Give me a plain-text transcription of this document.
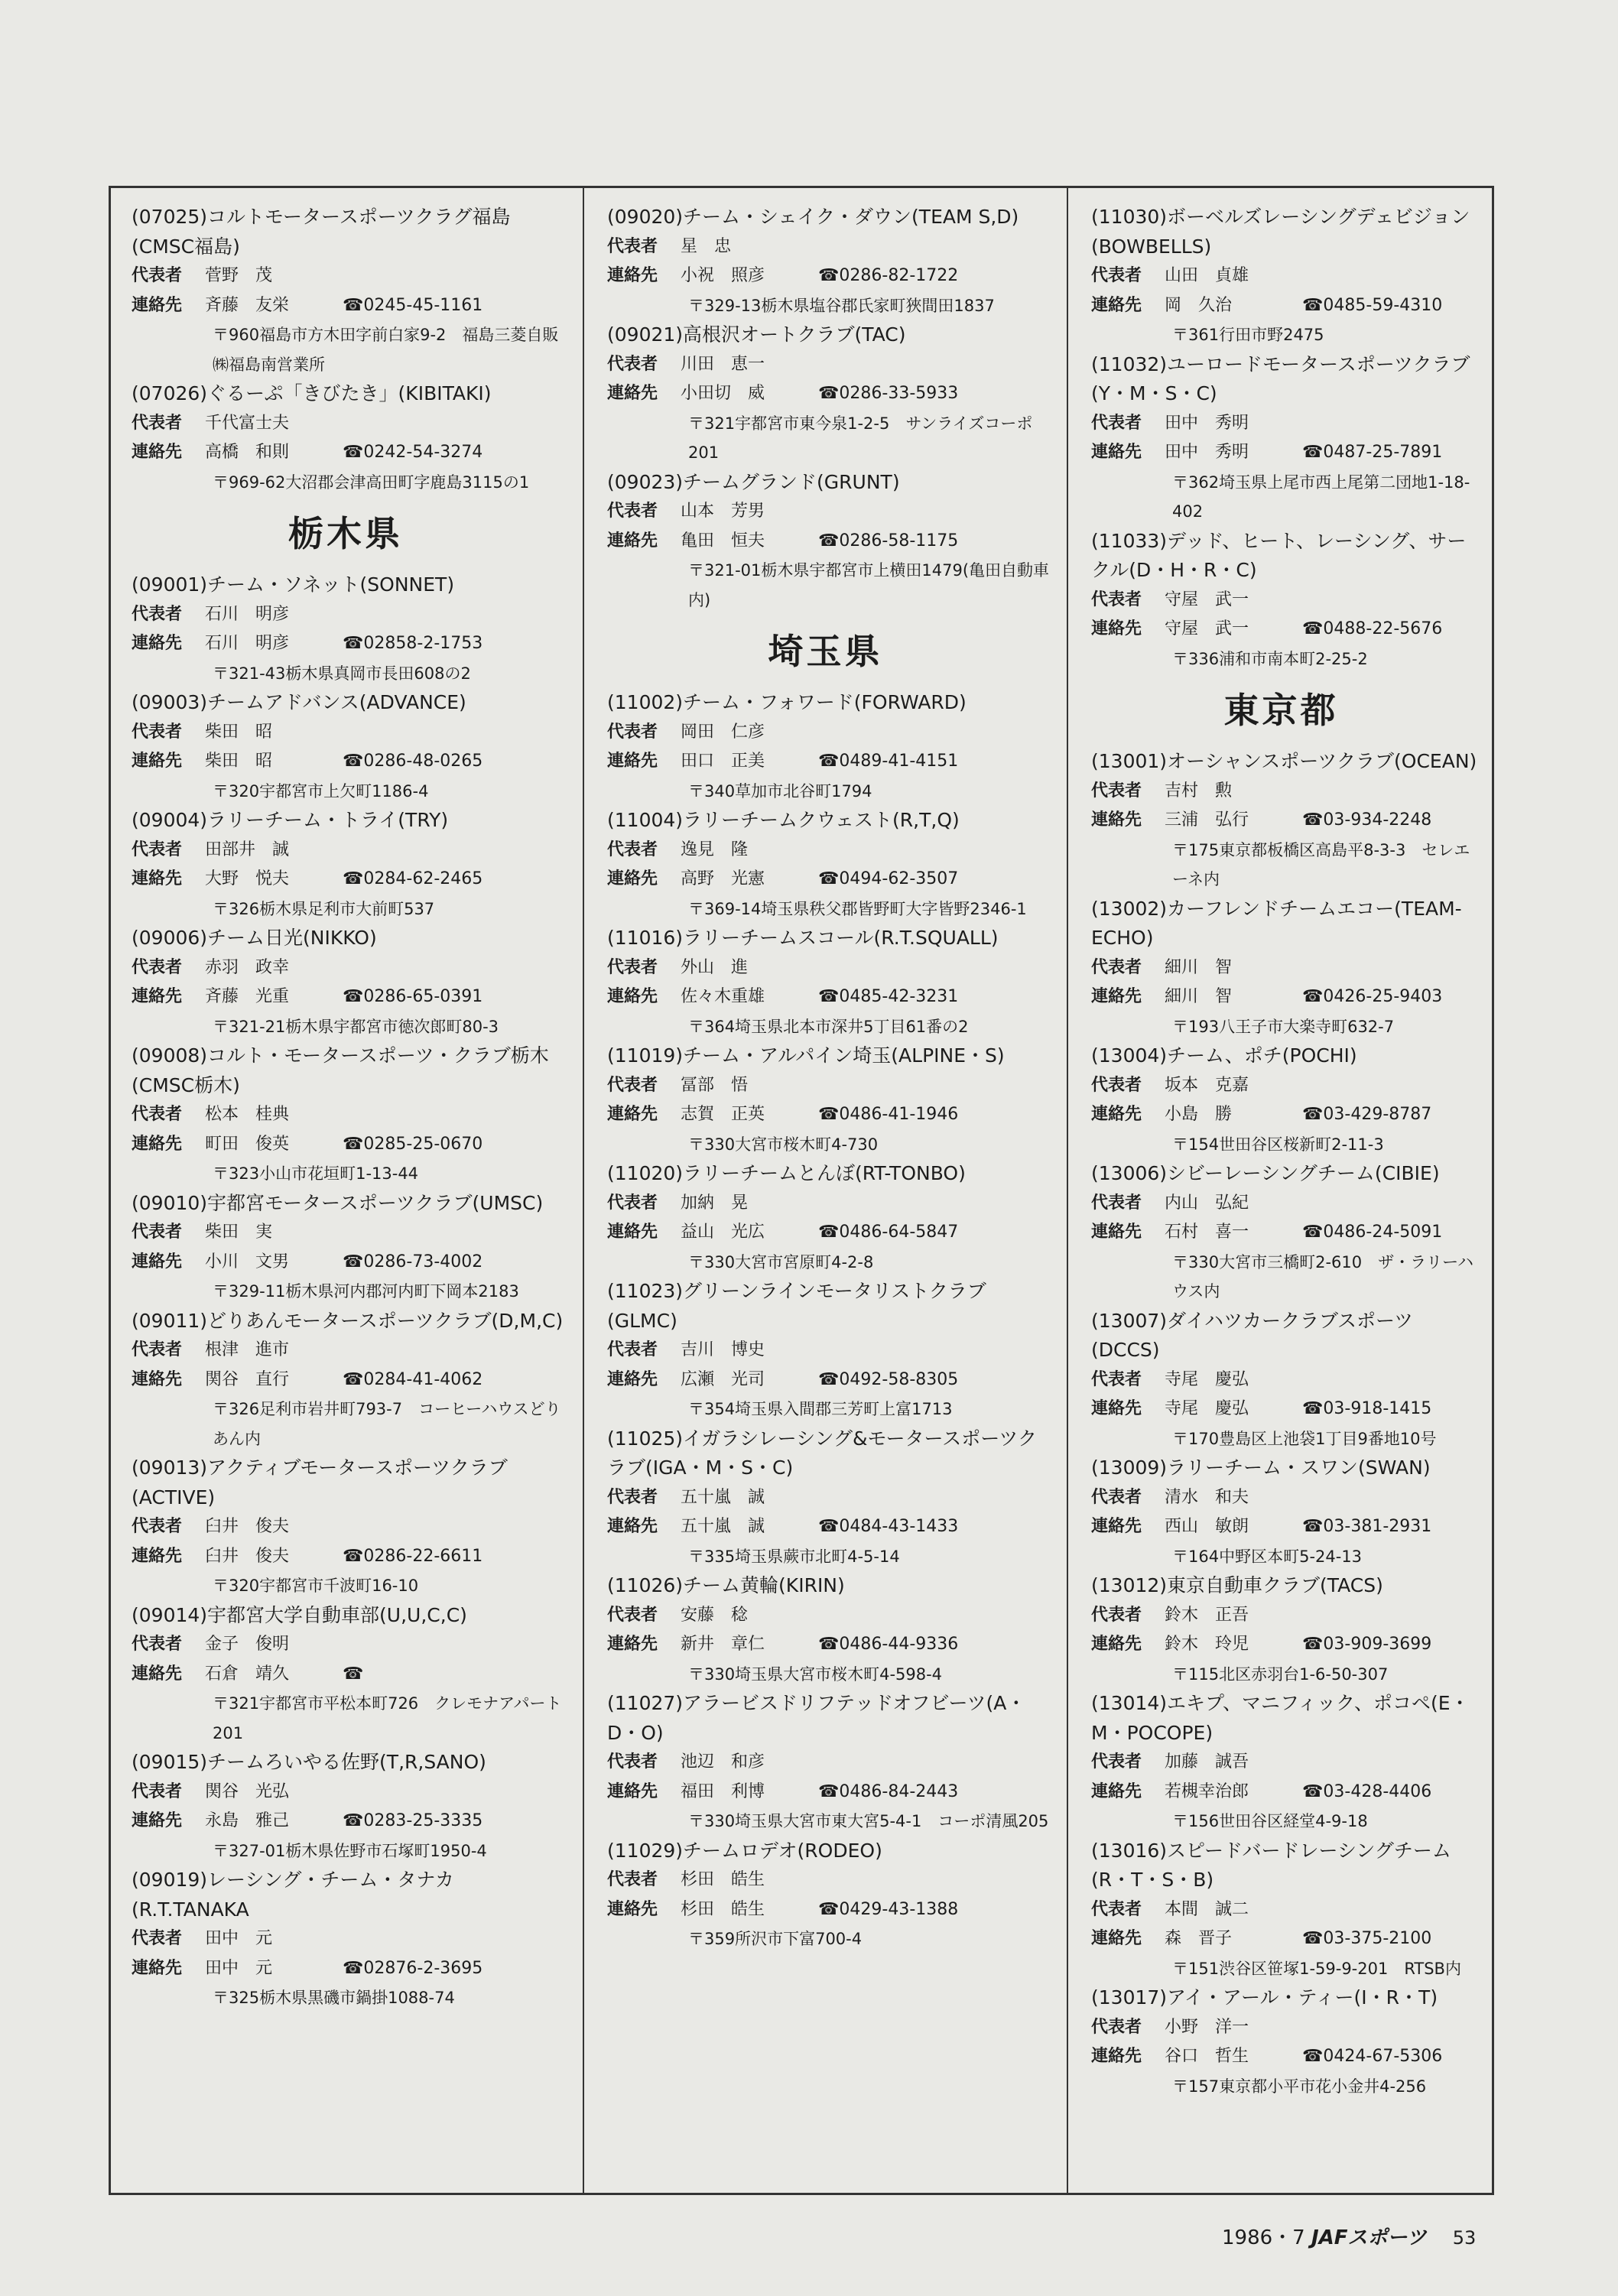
(07025)コルトモータースポーツクラグ福島(CMSC福島)
代表者	菅野　茂
連絡先	斉藤　友栄	☎0245-45-1161
〒960福島市方木田字前白家9-2　福島三菱自販㈱福島南営業所
(07026)ぐるーぷ「きびたき」(KIBITAKI)
代表者	千代富士夫
連絡先	高橋　和則	☎0242-54-3274
〒969-62大沼郡会津高田町字鹿島3115の1
栃木県
(09001)チーム・ソネット(SONNET)
代表者	石川　明彦
連絡先	石川　明彦	☎02858-2-1753
〒321-43栃木県真岡市長田608の2
(09003)チームアドバンス(ADVANCE)
代表者	柴田　昭
連絡先	柴田　昭	☎0286-48-0265
〒320宇都宮市上欠町1186-4
(09004)ラリーチーム・トライ(TRY)
代表者	田部井　誠
連絡先	大野　悦夫	☎0284-62-2465
〒326栃木県足利市大前町537
(09006)チーム日光(NIKKO)
代表者	赤羽　政幸
連絡先	斉藤　光重	☎0286-65-0391
〒321-21栃木県宇都宮市徳次郎町80-3
(09008)コルト・モータースポーツ・クラブ栃木(CMSC栃木)
代表者	松本　桂典
連絡先	町田　俊英	☎0285-25-0670
〒323小山市花垣町1-13-44
(09010)宇都宮モータースポーツクラブ(UMSC)
代表者	柴田　実
連絡先	小川　文男	☎0286-73-4002
〒329-11栃木県河内郡河内町下岡本2183
(09011)どりあんモータースポーツクラブ(D,M,C)
代表者	根津　進市
連絡先	関谷　直行	☎0284-41-4062
〒326足利市岩井町793-7　コーヒーハウスどりあん内
(09013)アクティブモータースポーツクラブ(ACTIVE)
代表者	臼井　俊夫
連絡先	臼井　俊夫	☎0286-22-6611
〒320宇都宮市千波町16-10
(09014)宇都宮大学自動車部(U,U,C,C)
代表者	金子　俊明
連絡先	石倉　靖久	☎
〒321宇都宮市平松本町726　クレモナアパート201
(09015)チームろいやる佐野(T,R,SANO)
代表者	関谷　光弘
連絡先	永島　雅己	☎0283-25-3335
〒327-01栃木県佐野市石塚町1950-4
(09019)レーシング・チーム・タナカ(R.T.TANAKA
代表者	田中　元
連絡先	田中　元	☎02876-2-3695
〒325栃木県黒磯市鍋掛1088-74
(09020)チーム・シェイク・ダウン(TEAM S,D)
代表者	星　忠
連絡先	小祝　照彦	☎0286-82-1722
〒329-13栃木県塩谷郡氏家町狹間田1837
(09021)高根沢オートクラブ(TAC)
代表者	川田　恵一
連絡先	小田切　威	☎0286-33-5933
〒321宇都宮市東今泉1-2-5　サンライズコーポ201
(09023)チームグランド(GRUNT)
代表者	山本　芳男
連絡先	亀田　恒夫	☎0286-58-1175
〒321-01栃木県宇都宮市上横田1479(亀田自動車内)
埼玉県
(11002)チーム・フォワード(FORWARD)
代表者	岡田　仁彦
連絡先	田口　正美	☎0489-41-4151
〒340草加市北谷町1794
(11004)ラリーチームクウェスト(R,T,Q)
代表者	逸見　隆
連絡先	高野　光憲	☎0494-62-3507
〒369-14埼玉県秩父郡皆野町大字皆野2346-1
(11016)ラリーチームスコール(R.T.SQUALL)
代表者	外山　進
連絡先	佐々木重雄	☎0485-42-3231
〒364埼玉県北本市深井5丁目61番の2
(11019)チーム・アルパイン埼玉(ALPINE・S)
代表者	冨部　悟
連絡先	志賀　正英	☎0486-41-1946
〒330大宮市桜木町4-730
(11020)ラリーチームとんぼ(RT-TONBO)
代表者	加納　晃
連絡先	益山　光広	☎0486-64-5847
〒330大宮市宮原町4-2-8
(11023)グリーンラインモータリストクラブ(GLMC)
代表者	吉川　博史
連絡先	広瀬　光司	☎0492-58-8305
〒354埼玉県入間郡三芳町上富1713
(11025)イガラシレーシング&モータースポーツクラブ(IGA・M・S・C)
代表者	五十嵐　誠
連絡先	五十嵐　誠	☎0484-43-1433
〒335埼玉県蕨市北町4-5-14
(11026)チーム黄輪(KIRIN)
代表者	安藤　稔
連絡先	新井　章仁	☎0486-44-9336
〒330埼玉県大宮市桜木町4-598-4
(11027)アラービスドリフテッドオフビーツ(A・D・O)
代表者	池辺　和彦
連絡先	福田　利博	☎0486-84-2443
〒330埼玉県大宮市東大宮5-4-1　コーポ清風205
(11029)チームロデオ(RODEO)
代表者	杉田　皓生
連絡先	杉田　皓生	☎0429-43-1388
〒359所沢市下富700-4
(11030)ボーベルズレーシングデェビジョン(BOWBELLS)
代表者	山田　貞雄
連絡先	岡　久治	☎0485-59-4310
〒361行田市野2475
(11032)ユーロードモータースポーツクラブ(Y・M・S・C)
代表者	田中　秀明
連絡先	田中　秀明	☎0487-25-7891
〒362埼玉県上尾市西上尾第二団地1-18-402
(11033)デッド、ヒート、レーシング、サークル(D・H・R・C)
代表者	守屋　武一
連絡先	守屋　武一	☎0488-22-5676
〒336浦和市南本町2-25-2
東京都
(13001)オーシャンスポーツクラブ(OCEAN)
代表者	吉村　勲
連絡先	三浦　弘行	☎03-934-2248
〒175東京都板橋区高島平8-3-3　セレエーネ内
(13002)カーフレンドチームエコー(TEAM-ECHO)
代表者	細川　智
連絡先	細川　智	☎0426-25-9403
〒193八王子市大楽寺町632-7
(13004)チーム、ポチ(POCHI)
代表者	坂本　克嘉
連絡先	小島　勝	☎03-429-8787
〒154世田谷区桜新町2-11-3
(13006)シビーレーシングチーム(CIBIE)
代表者	内山　弘紀
連絡先	石村　喜一	☎0486-24-5091
〒330大宮市三橋町2-610　ザ・ラリーハウス内
(13007)ダイハツカークラブスポーツ(DCCS)
代表者	寺尾　慶弘
連絡先	寺尾　慶弘	☎03-918-1415
〒170豊島区上池袋1丁目9番地10号
(13009)ラリーチーム・スワン(SWAN)
代表者	清水　和夫
連絡先	西山　敏朗	☎03-381-2931
〒164中野区本町5-24-13
(13012)東京自動車クラブ(TACS)
代表者	鈴木　正吾
連絡先	鈴木　玲児	☎03-909-3699
〒115北区赤羽台1-6-50-307
(13014)エキプ、マニフィック、ポコペ(E・M・POCOPE)
代表者	加藤　誠吾
連絡先	若槻幸治郎	☎03-428-4406
〒156世田谷区経堂4-9-18
(13016)スピードバードレーシングチーム(R・T・S・B)
代表者	本間　誠二
連絡先	森　晋子	☎03-375-2100
〒151渋谷区笹塚1-59-9-201　RTSB内
(13017)アイ・アール・ティー(I・R・T)
代表者	小野　洋一
連絡先	谷口　哲生	☎0424-67-5306
〒157東京都小平市花小金井4-256
1986・7 JAFスポーツ 53
